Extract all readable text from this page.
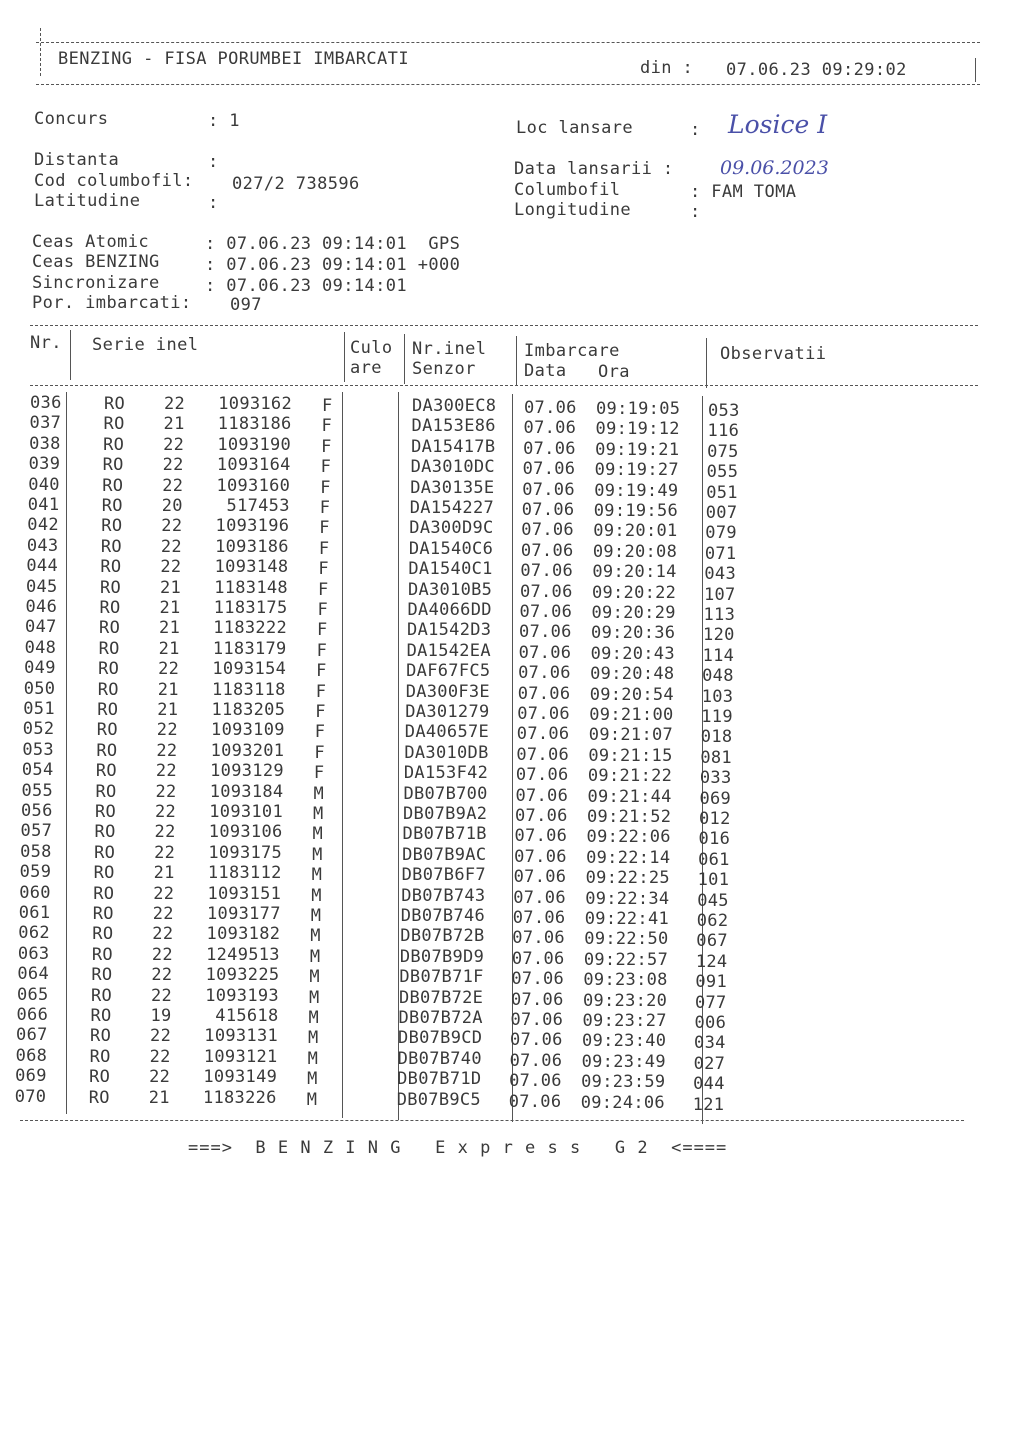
BENZING - FISA PORUMBEI IMBARCATI	din : 07.06.23 09:29:02
Concurs	: 1
Distanta	:
Cod columbofil: 027/2 738596
Latitudine	:
Loc lansare	: Losice I
Data lansarii : 09.06.2023
Columbofil	: FAM TOMA
Longitudine	:
Ceas Atomic	: 07.06.23 09:14:01  GPS
Ceas BENZING	: 07.06.23 09:14:01 +000
Sincronizare	: 07.06.23 09:14:01
Por. imbarcati: 097
Nr. Serie inel	Culo
are
Nr.inel
Senzor
Imbarcare
Data Ora
Observatii
036 RO 22	1093162 F	DA300EC8 07.06 09:19:05 053
037 RO 21	1183186 F	DA153E86 07.06 09:19:12 116
038 RO 22	1093190 F	DA15417B 07.06 09:19:21 075
039 RO 22	1093164 F	DA3010DC 07.06 09:19:27 055
040 RO 22	1093160 F	DA30135E 07.06 09:19:49 051
041 RO 20	517453 F	DA154227 07.06 09:19:56 007
042 RO 22	1093196 F	DA300D9C 07.06 09:20:01 079
043 RO 22	1093186 F	DA1540C6 07.06 09:20:08 071
044 RO 22	1093148 F	DA1540C1 07.06 09:20:14 043
045 RO 21	1183148 F	DA3010B5 07.06 09:20:22 107
046 RO 21	1183175 F	DA4066DD 07.06 09:20:29 113
047 RO 21	1183222 F	DA1542D3 07.06 09:20:36 120
048 RO 21	1183179 F	DA1542EA 07.06 09:20:43 114
049 RO 22	1093154 F	DAF67FC5 07.06 09:20:48 048
050 RO 21	1183118 F	DA300F3E 07.06 09:20:54 103
051 RO 21	1183205 F	DA301279 07.06 09:21:00 119
052 RO 22	1093109 F	DA40657E 07.06 09:21:07 018
053 RO 22	1093201 F	DA3010DB 07.06 09:21:15 081
054 RO 22	1093129 F	DA153F42 07.06 09:21:22 033
055 RO 22	1093184 M	DB07B700 07.06 09:21:44 069
056 RO 22	1093101 M	DB07B9A2 07.06 09:21:52 012
057 RO 22	1093106 M	DB07B71B 07.06 09:22:06 016
058 RO 22	1093175 M	DB07B9AC 07.06 09:22:14 061
059 RO 21	1183112 M	DB07B6F7 07.06 09:22:25 101
060 RO 22	1093151 M	DB07B743 07.06 09:22:34 045
061 RO 22	1093177 M	DB07B746 07.06 09:22:41 062
062 RO 22	1093182 M	DB07B72B 07.06 09:22:50 067
063 RO 22	1249513 M	DB07B9D9 07.06 09:22:57 124
064 RO 22	1093225 M	DB07B71F 07.06 09:23:08 091
065 RO 22	1093193 M	DB07B72E 07.06 09:23:20 077
066 RO 19	415618 M	DB07B72A 07.06 09:23:27 006
067 RO 22	1093131 M	DB07B9CD 07.06 09:23:40 034
068 RO 22	1093121 M	DB07B740 07.06 09:23:49 027
069 RO 22	1093149 M	DB07B71D 07.06 09:23:59 044
070 RO 21	1183226 M	DB07B9C5 07.06 09:24:06 121
===>  B E N Z I N G   E x p r e s s   G 2  <====
